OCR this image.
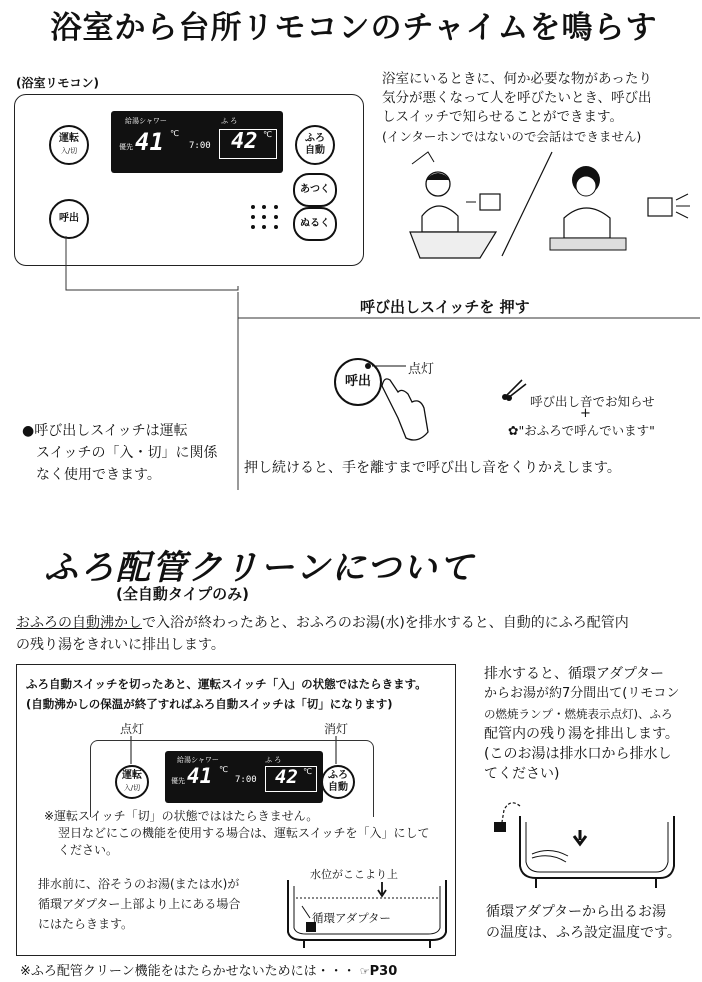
浴室から台所リモコンのチャイムを鳴らす
(浴室リモコン)
運転
入/切
呼出
給湯シャワー	ふ ろ
優先 41 ℃
7:00 42 ℃	ふろ
自動
あつく
ぬるく
浴室にいるときに、何か必要な物があったり
気分が悪くなって人を呼びたいとき、呼び出
しスイッチで知らせることができます。
(インターホンではないので会話はできません)
呼び出しスイッチを 押す
呼出
点灯
呼び出し音でお知らせ
+
✿"おふろで呼んでいます"
●呼び出しスイッチは運転
スイッチの「入・切」に関係
なく使用できます。	押し続けると、手を離すまで呼び出し音をくりかえします。
ふろ配管クリーンについて
(全自動タイプのみ)
おふろの自動沸かしで入浴が終わったあと、おふろのお湯(水)を排水すると、自動的にふろ配管内
の残り湯をきれいに排出します。
ふろ自動スイッチを切ったあと、運転スイッチ「入」の状態ではたらきます。
(自動沸かしの保温が終了すればふろ自動スイッチは「切」になります)
点灯	消灯
運転
入/切
給湯シャワー	ふ ろ
優先 41 ℃
7:00 42 ℃ ふろ
自動
※運転スイッチ「切」の状態でははたらきません。
翌日などにこの機能を使用する場合は、運転スイッチを「入」にして
ください。
排水前に、浴そうのお湯(または水)が
循環アダプター上部より上にある場合
にはたらきます。
水位がここより上
循環アダプター
排水すると、循環アダプター
からお湯が約7分間出て(リモコン
の燃焼ランプ・燃焼表示点灯)、ふろ
配管内の残り湯を排出します。
(このお湯は排水口から排水し
てください)
循環アダプターから出るお湯
の温度は、ふろ設定温度です。
※ふろ配管クリーン機能をはたらかせないためには・・・ ☞P30
